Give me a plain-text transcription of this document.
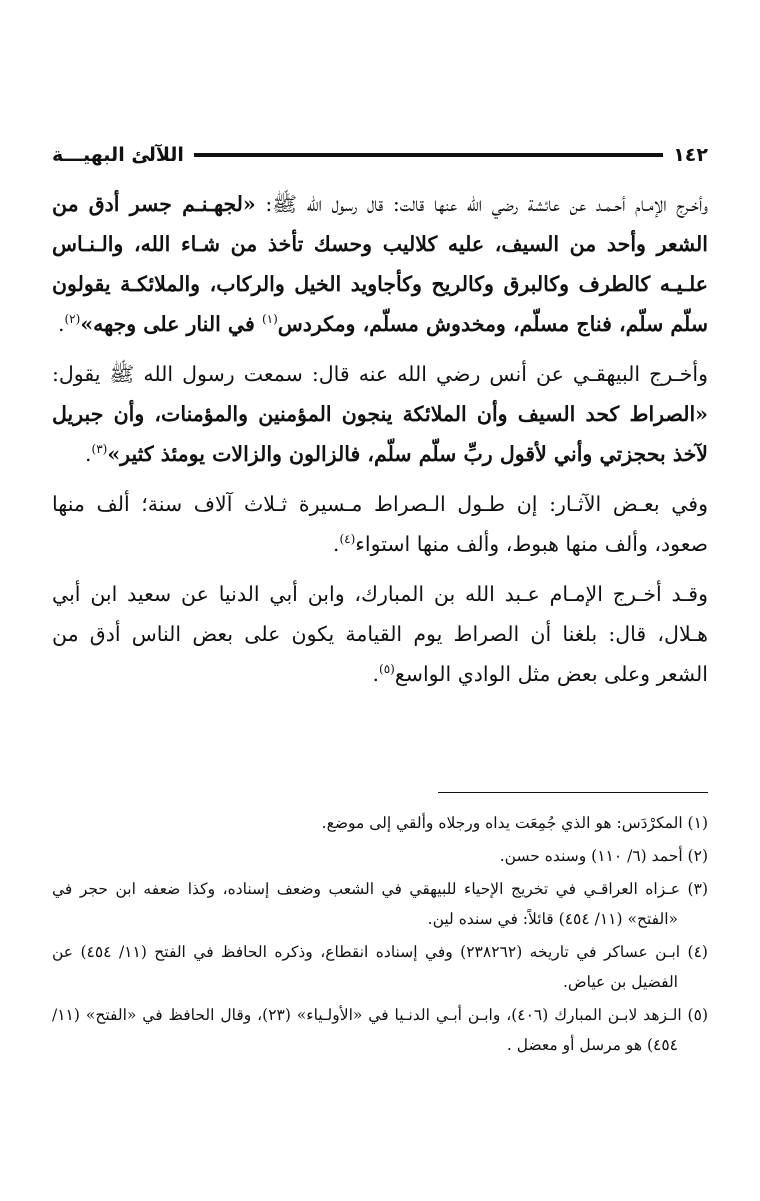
اللآلئ البهيـــة	١٤٢

وأخـرج الإمـام أحـمـد عن عائشة رضي الله عنها قالت: قال رسول الله ﷺ: «لجهـنـم جسر أدق من الشعر وأحد من السيف، عليه كلاليب وحسك تأخذ من شـاء الله، والـنـاس علـيـه كالطرف وكالبرق وكالريح وكأجاويد الخيل والركاب، والملائكـة يقولون سلّم سلّم، فناج مسلّم، ومخدوش مسلّم، ومكردس$^{(١)}$ في النار على وجهه»$^{(٢)}$.

وأخـرج البيهقـي عن أنس رضي الله عنه قال: سمعت رسول الله ﷺ يقول: «الصراط كحد السيف وأن الملائكة ينجون المؤمنين والمؤمنات، وأن جبريل لآخذ بحجزتي وأني لأقول ربِّ سلّم سلّم، فالزالون والزالات يومئذ كثير»$^{(٣)}$.

وفي بعـض الآثـار: إن طـول الـصراط مـسيرة ثـلاث آلاف سنة؛ ألف منها صعود، وألف منها هبوط، وألف منها استواء$^{(٤)}$.

وقـد أخـرج الإمـام عـبد الله بن المبارك، وابن أبي الدنيا عن سعيد ابن أبي هـلال، قال: بلغنا أن الصراط يوم القيامة يكون على بعض الناس أدق من الشعر وعلى بعض مثل الوادي الواسع$^{(٥)}$.

(١) المكرْدَس: هو الذي جُمِعَت يداه ورجلاه وألقي إلى موضع.

(٢) أحمد (٦/ ١١٠) وسنده حسن.

(٣) عـزاه العراقـي في تخريج الإحياء للبيهقي في الشعب وضعف إسناده، وكذا ضعفه ابن حجر في «الفتح» (١١/ ٤٥٤) قائلاً: في سنده لين.

(٤) ابـن عساكر في تاريخه (٢٣٨٢٦٢) وفي إسناده انقطاع، وذكره الحافظ في الفتح (١١/ ٤٥٤) عن الفضيل بن عياض.

(٥) الـزهد لابـن المبارك (٤٠٦)، وابـن أبـي الدنـيا في «الأولـياء» (٢٣)، وقال الحافظ في «الفتح» (١١/ ٤٥٤) هو مرسل أو معضل .
